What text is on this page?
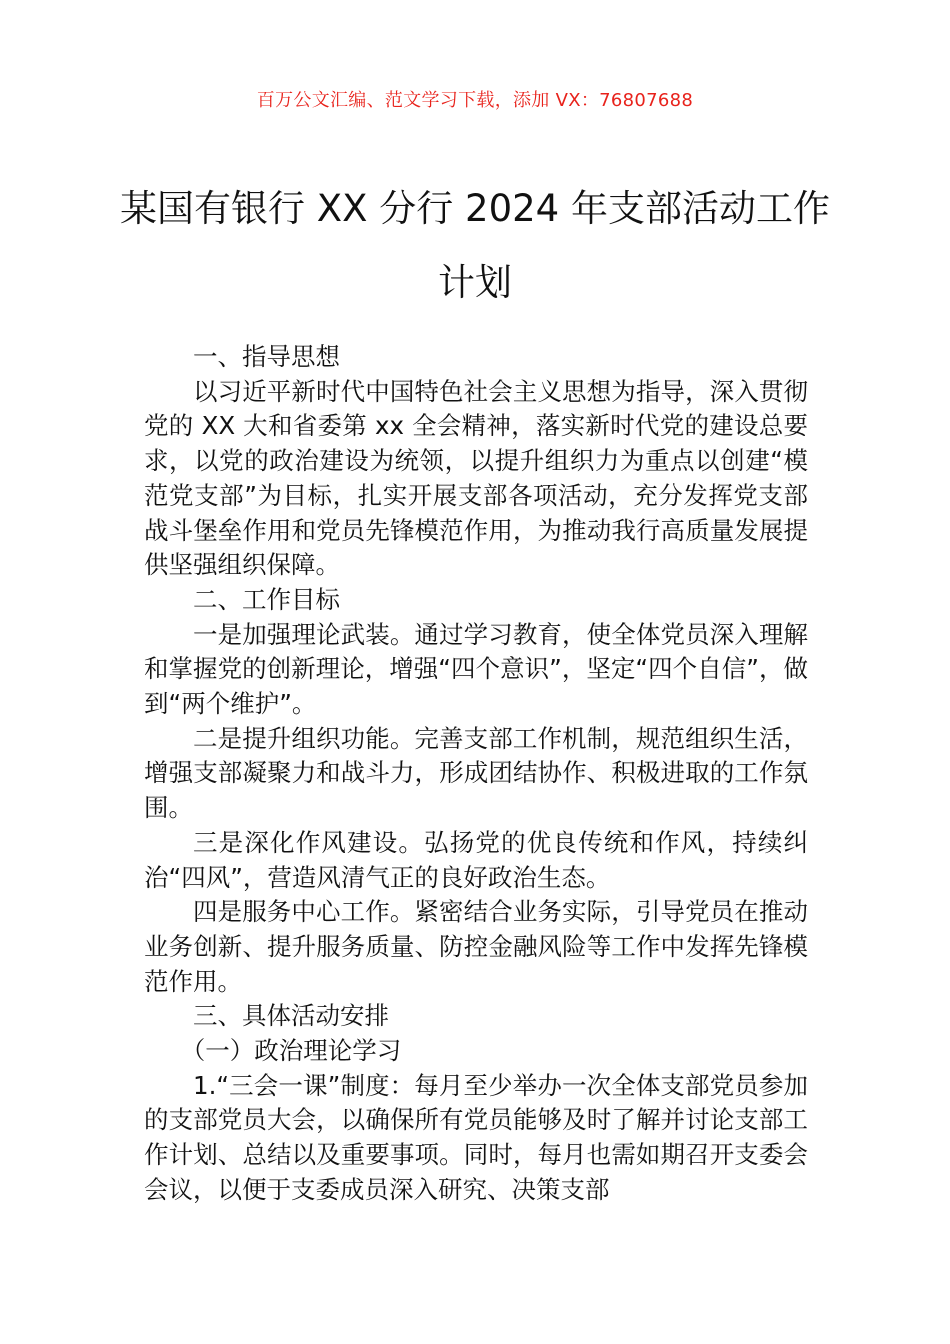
百万公文汇编、范文学习下载，添加 VX：76807688
某国有银行 XX 分行 2024 年支部活动工作计划

一、指导思想

以习近平新时代中国特色社会主义思想为指导，深入贯彻党的 XX 大和省委第 xx 全会精神，落实新时代党的建设总要求，以党的政治建设为统领，以提升组织力为重点以创建“模范党支部”为目标，扎实开展支部各项活动，充分发挥党支部战斗堡垒作用和党员先锋模范作用，为推动我行高质量发展提供坚强组织保障。

二、工作目标

一是加强理论武装。通过学习教育，使全体党员深入理解和掌握党的创新理论，增强“四个意识”，坚定“四个自信”，做到“两个维护”。

二是提升组织功能。完善支部工作机制，规范组织生活，增强支部凝聚力和战斗力，形成团结协作、积极进取的工作氛围。

三是深化作风建设。弘扬党的优良传统和作风，持续纠治“四风”，营造风清气正的良好政治生态。

四是服务中心工作。紧密结合业务实际，引导党员在推动业务创新、提升服务质量、防控金融风险等工作中发挥先锋模范作用。

三、具体活动安排

（一）政治理论学习

1.“三会一课”制度：每月至少举办一次全体支部党员参加的支部党员大会，以确保所有党员能够及时了解并讨论支部工作计划、总结以及重要事项。同时，每月也需如期召开支委会会议，以便于支委成员深入研究、决策支部
